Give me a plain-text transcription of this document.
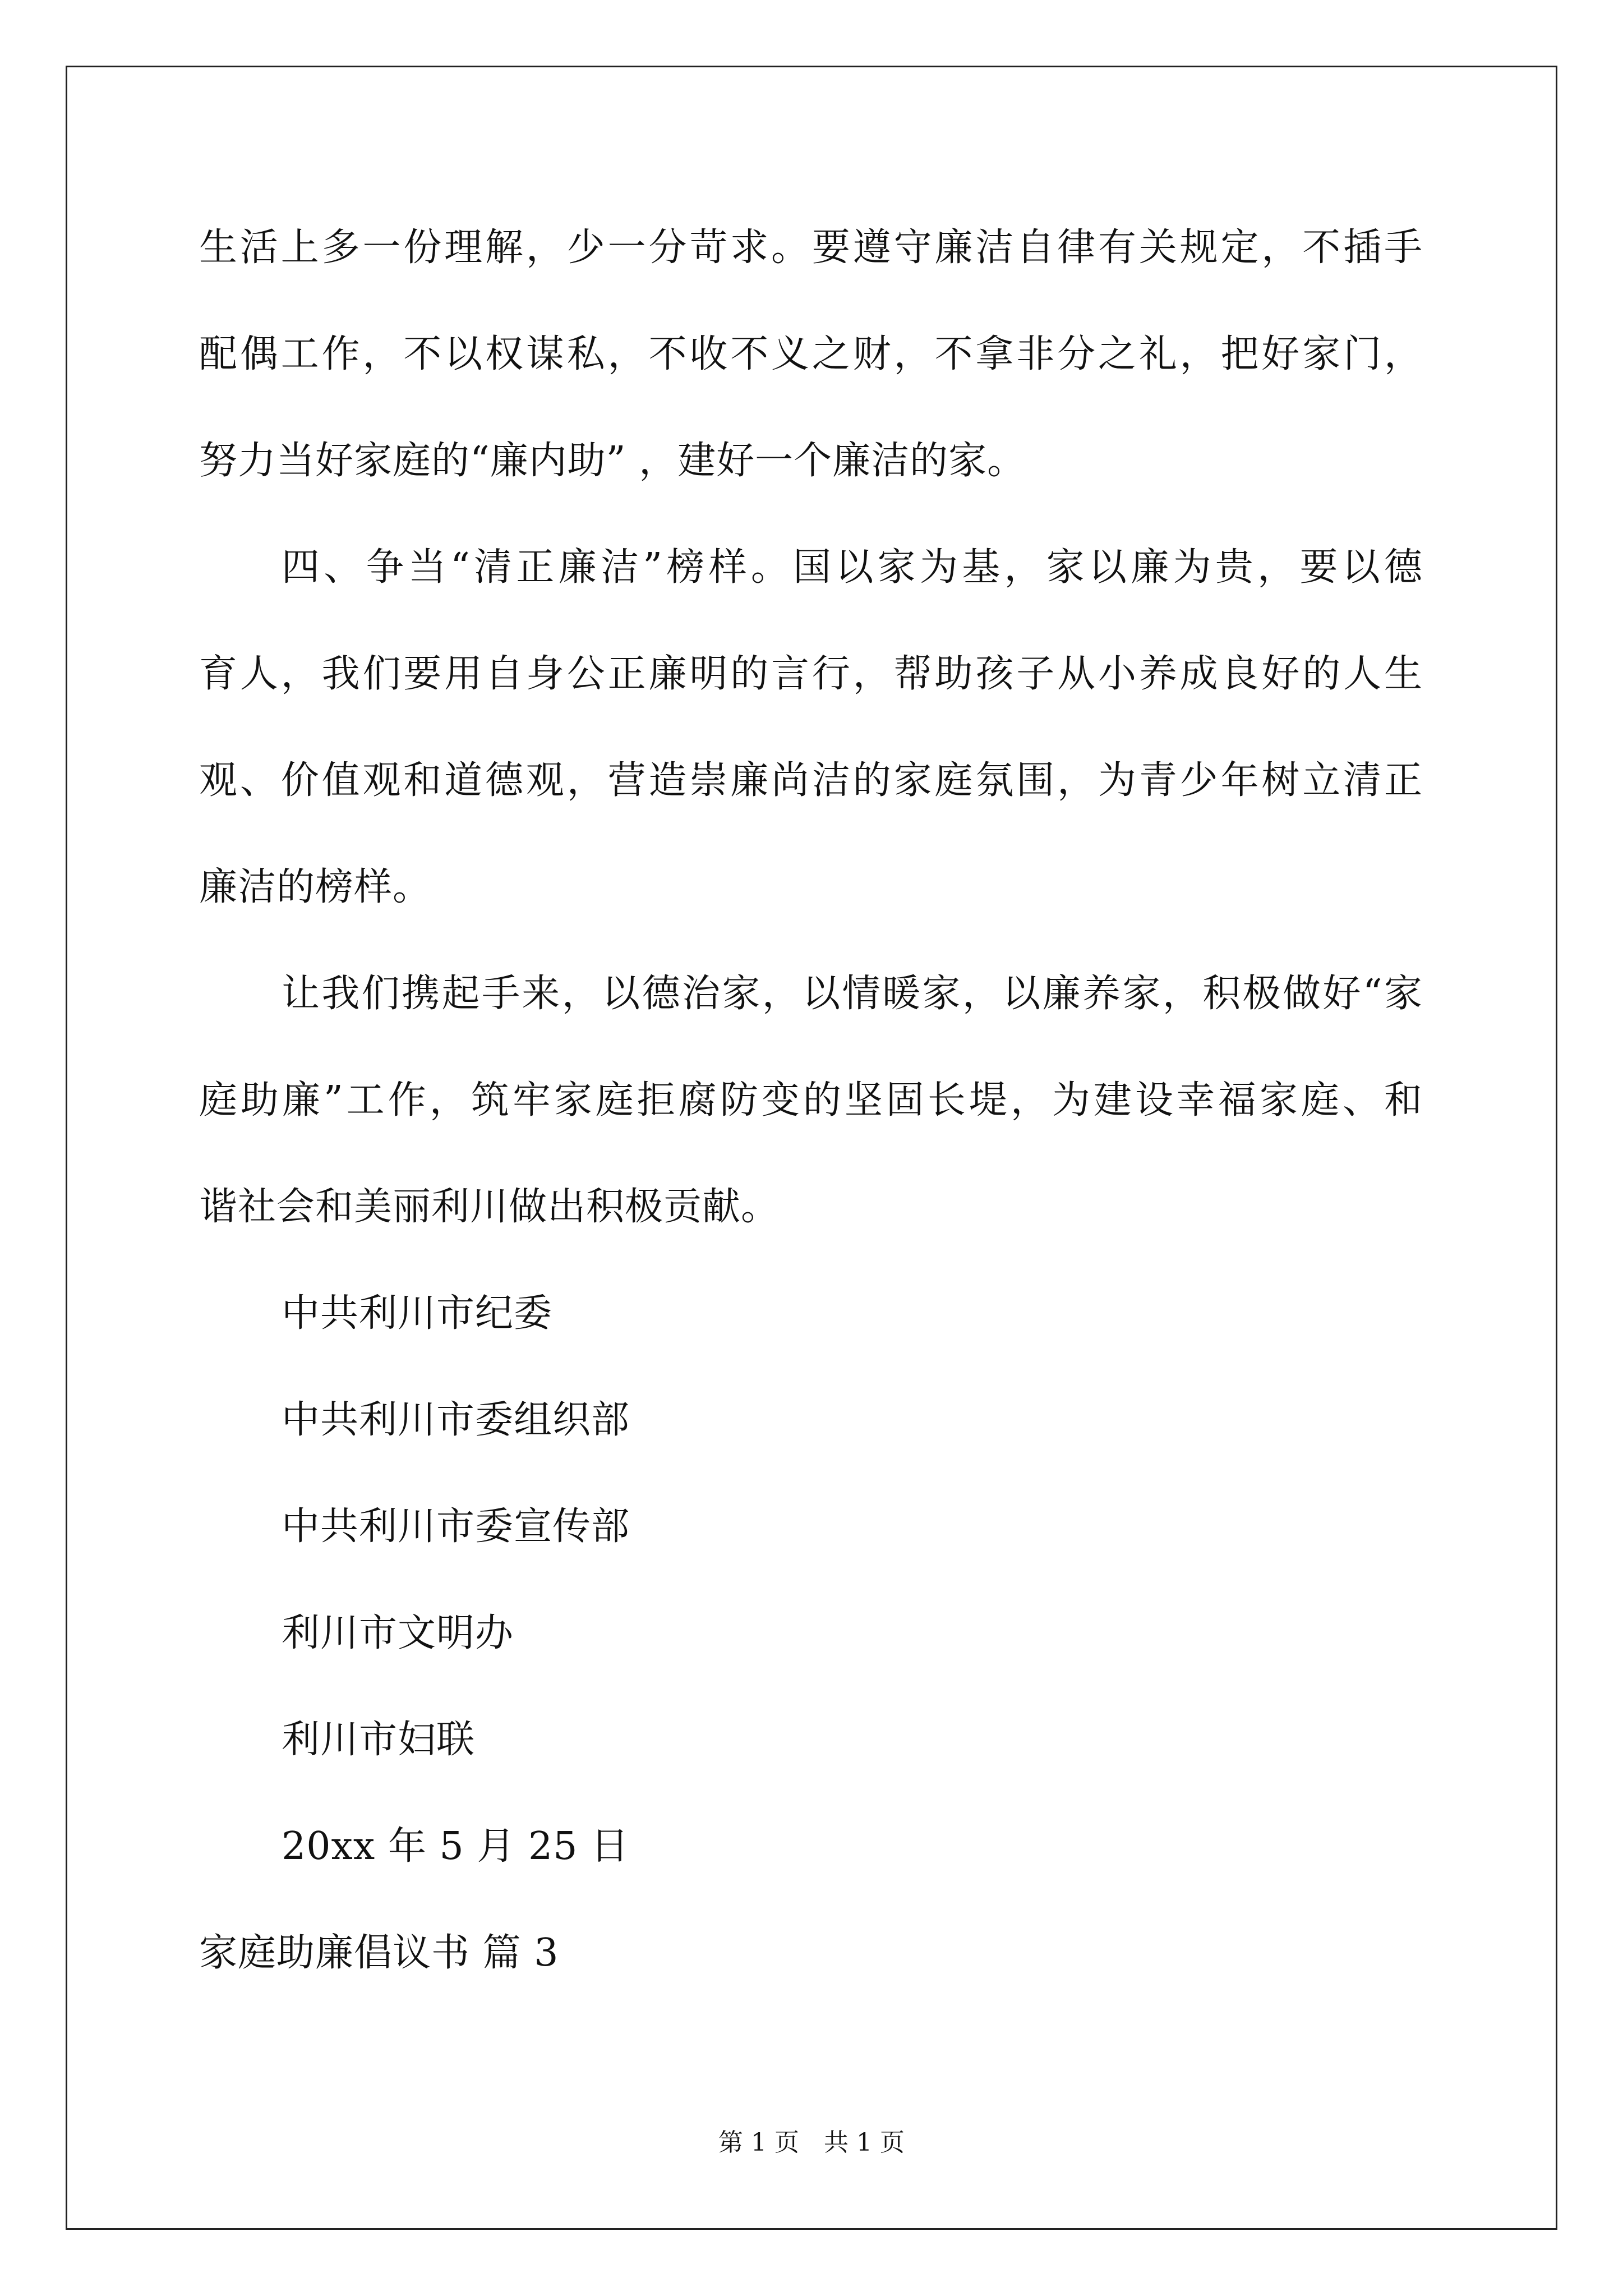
生活上多一份理解，少一分苛求。要遵守廉洁自律有关规定，不插手
配偶工作，不以权谋私，不收不义之财，不拿非分之礼，把好家门，
努力当好家庭的“廉内助” ，建好一个廉洁的家。
四、争当“清正廉洁”榜样。国以家为基，家以廉为贵，要以德
育人，我们要用自身公正廉明的言行，帮助孩子从小养成良好的人生
观、价值观和道德观，营造崇廉尚洁的家庭氛围，为青少年树立清正
廉洁的榜样。
让我们携起手来，以德治家，以情暖家，以廉养家，积极做好“家
庭助廉”工作，筑牢家庭拒腐防变的坚固长堤，为建设幸福家庭、和
谐社会和美丽利川做出积极贡献。
中共利川市纪委
中共利川市委组织部
中共利川市委宣传部
利川市文明办
利川市妇联
20xx 年 5 月 25 日
家庭助廉倡议书 篇 3
第 1 页　共 1 页
